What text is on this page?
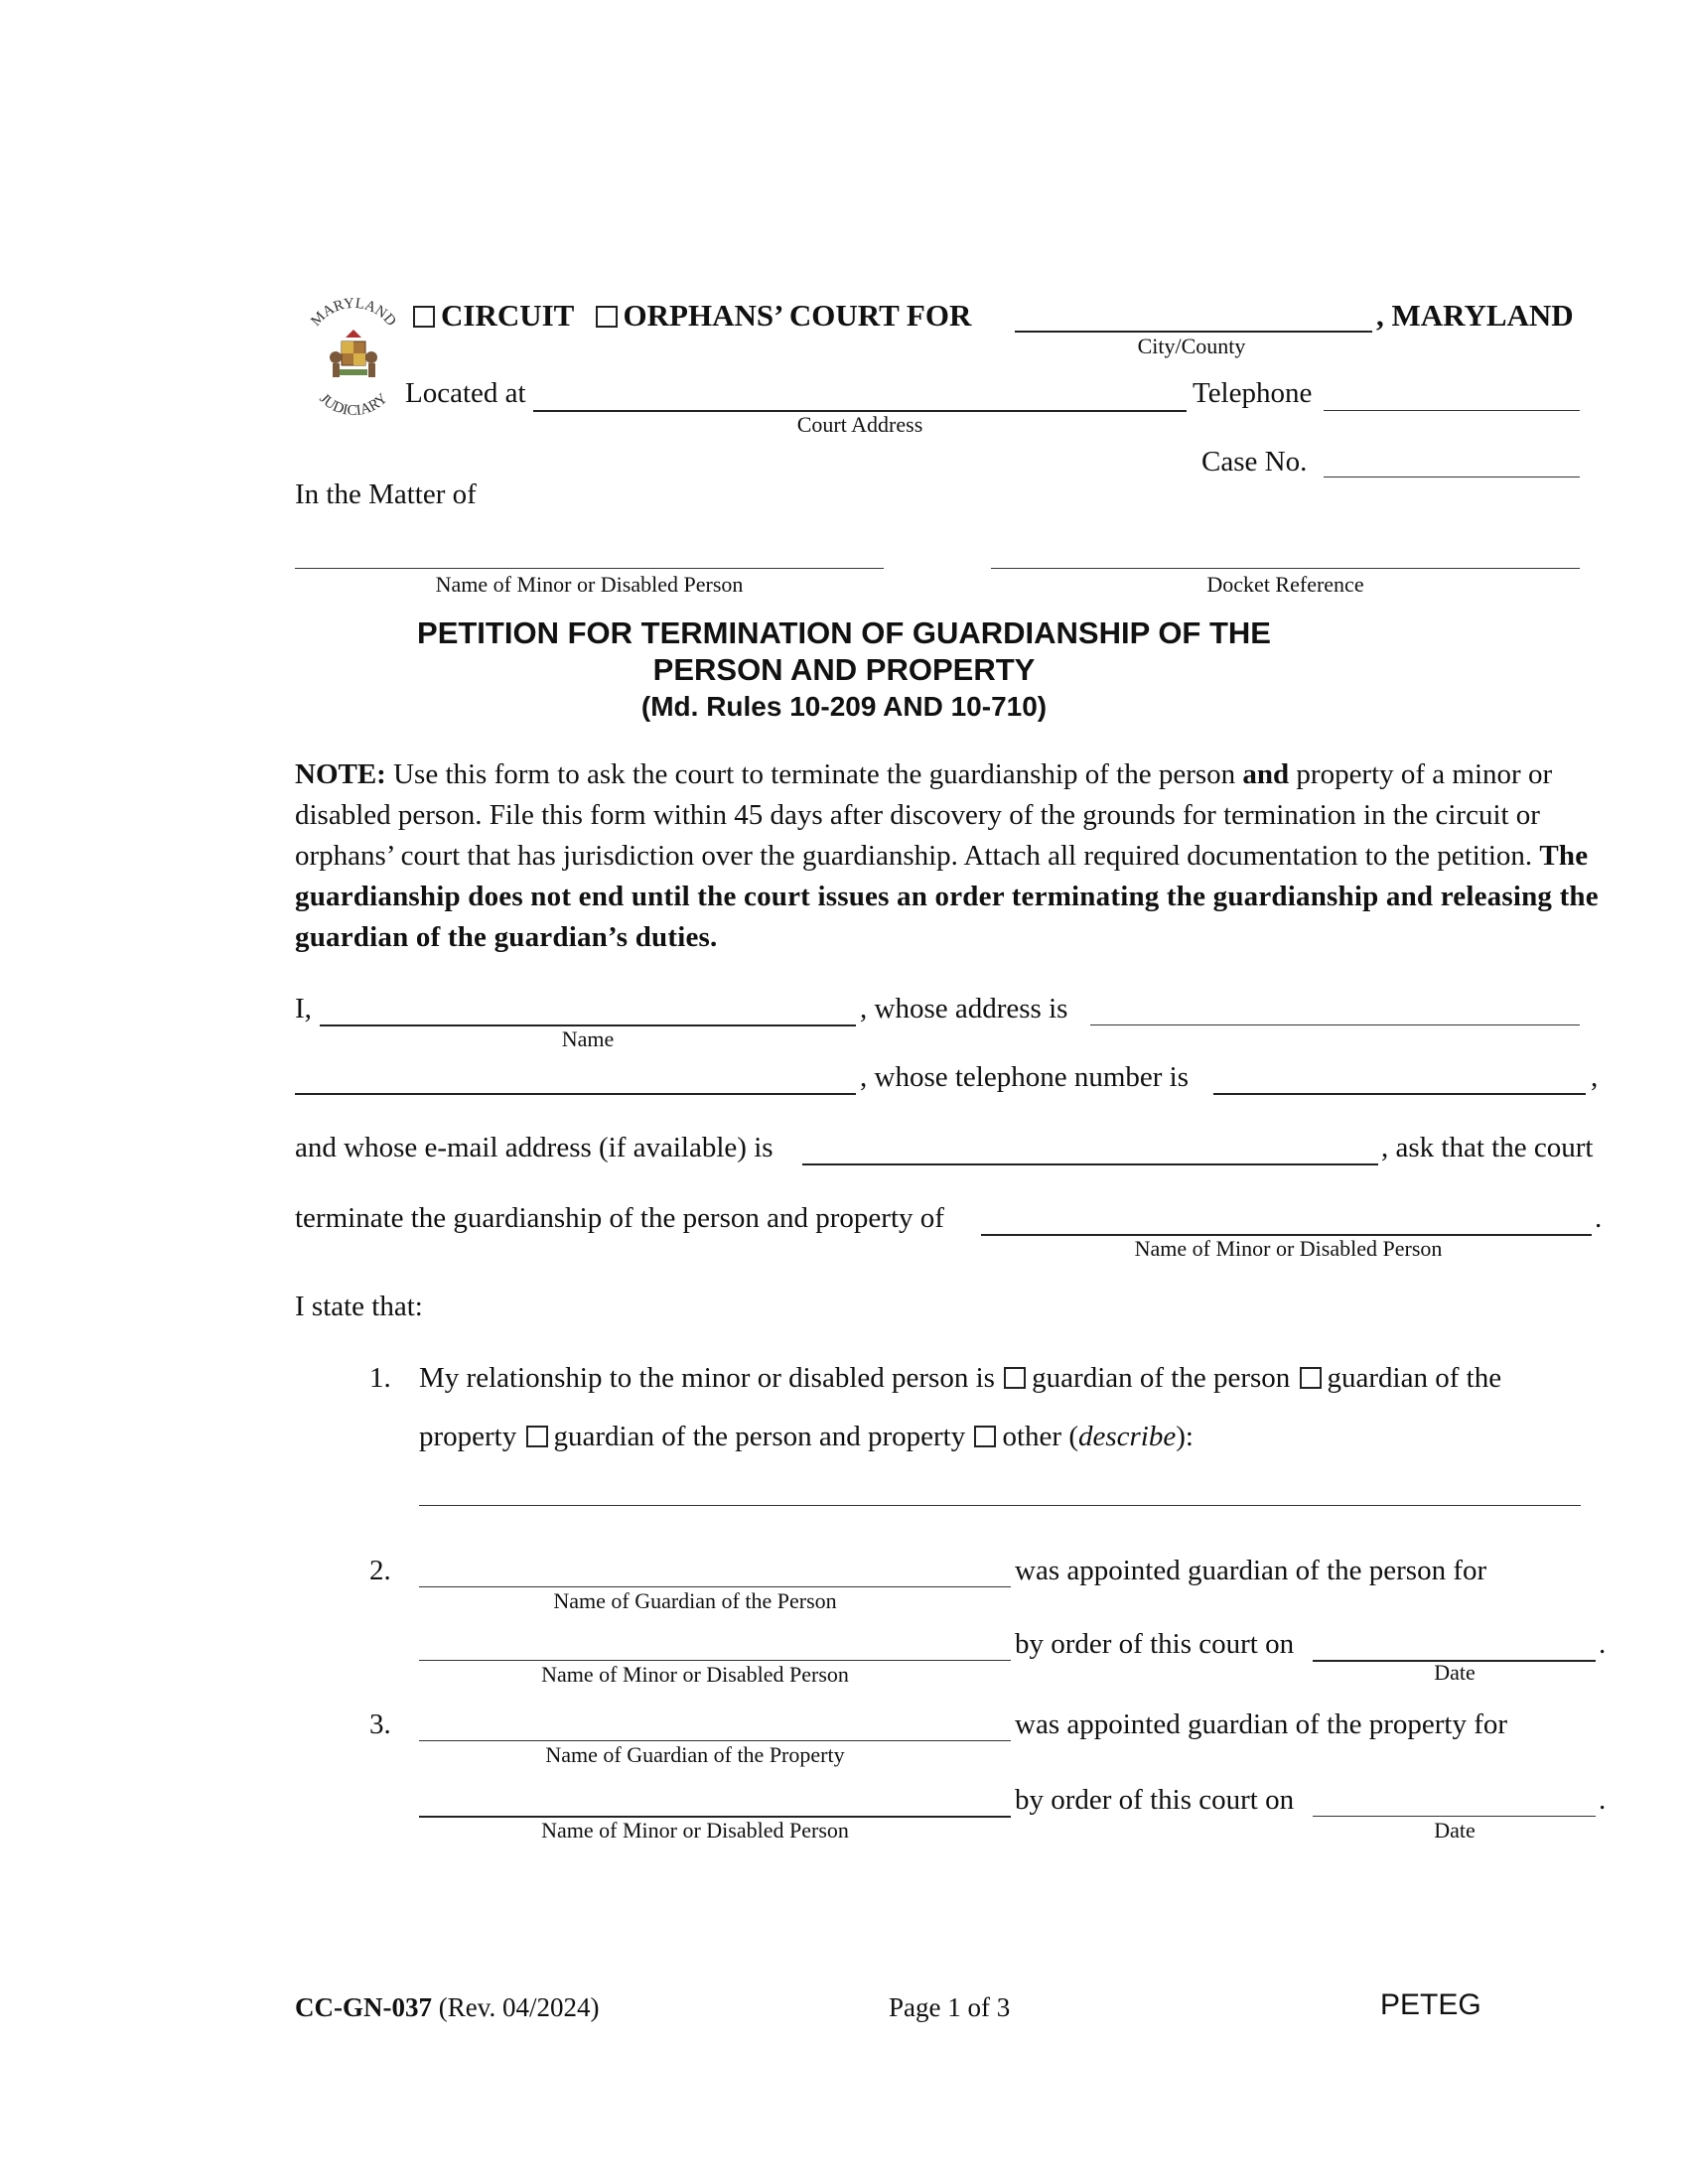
MARYLAND
JUDICIARY
CIRCUIT ORPHANS’ COURT FOR	, MARYLAND
City/County
Located at
Court Address
Telephone
Case No.
In the Matter of
Name of Minor or Disabled Person	Docket Reference
PETITION FOR TERMINATION OF GUARDIANSHIP OF THE
PERSON AND PROPERTY
(Md. Rules 10-209 AND 10-710)
NOTE: Use this form to ask the court to terminate the guardianship of the person and property of a minor or disabled person. File this form within 45 days after discovery of the grounds for termination in the circuit or orphans’ court that has jurisdiction over the guardianship. Attach all required documentation to the petition. The guardianship does not end until the court issues an order terminating the guardianship and releasing the guardian of the guardian’s duties.
I,
Name
, whose address is
, whose telephone number is	,
and whose e-mail address (if available) is	, ask that the court
terminate the guardianship of the person and property of	.
Name of Minor or Disabled Person
I state that:
1. My relationship to the minor or disabled person is guardian of the person guardian of the
property guardian of the person and property other (describe):
2.
Name of Guardian of the Person
was appointed guardian of the person for
Name of Minor or Disabled Person
by order of this court on	.
Date
3.
Name of Guardian of the Property
was appointed guardian of the property for
Name of Minor or Disabled Person
by order of this court on	.
Date
CC-GN-037 (Rev. 04/2024)	Page 1 of 3	PETEG
